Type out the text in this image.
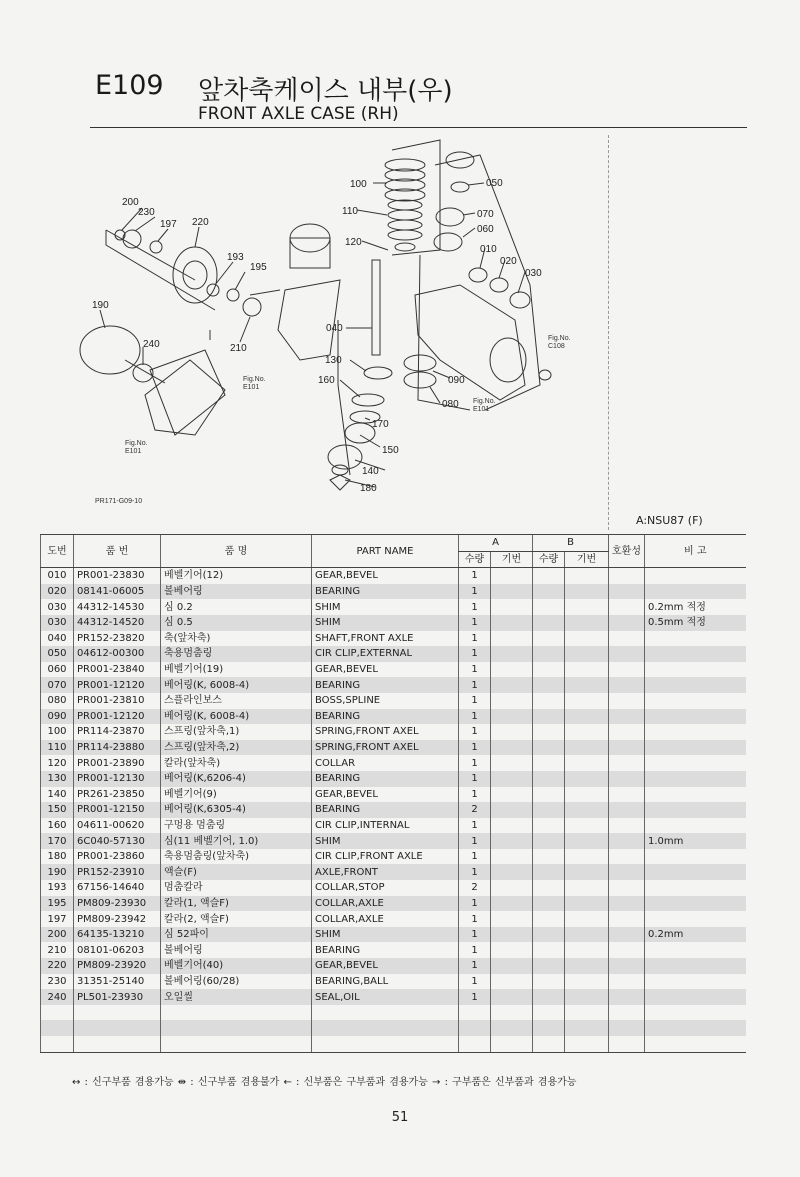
E109 앞차축케이스 내부(우)
FRONT AXLE CASE (RH)
200
230
197 220
193
195
190
240	210
100
110
120
040
130
160
170
150
140
180
050
070
060
010
020
030
090
080
Fig.No. E101
Fig.No. E101
Fig.No. E101
Fig.No. C108
PR171-G09-10
A:NSU87 (F)
도번	품 번	품 명	PART NAME	A		B		호환성	비 고
				수량	기번	수량	기번		
010	PR001-23830	베벨기어(12)	GEAR,BEVEL	1					
020	08141-06005	볼베어링	BEARING	1					
030	44312-14530	심 0.2	SHIM	1					0.2mm 적정
030	44312-14520	심 0.5	SHIM	1					0.5mm 적정
040	PR152-23820	축(앞차축)	SHAFT,FRONT AXLE	1					
050	04612-00300	축용멈춤링	CIR CLIP,EXTERNAL	1					
060	PR001-23840	베벨기어(19)	GEAR,BEVEL	1					
070	PR001-12120	베어링(K, 6008-4)	BEARING	1					
080	PR001-23810	스플라인보스	BOSS,SPLINE	1					
090	PR001-12120	베어링(K, 6008-4)	BEARING	1					
100	PR114-23870	스프링(앞차축,1)	SPRING,FRONT AXEL	1					
110	PR114-23880	스프링(앞차축,2)	SPRING,FRONT AXEL	1					
120	PR001-23890	칼라(앞차축)	COLLAR	1					
130	PR001-12130	베어링(K,6206-4)	BEARING	1					
140	PR261-23850	베벨기어(9)	GEAR,BEVEL	1					
150	PR001-12150	베어링(K,6305-4)	BEARING	2					
160	04611-00620	구멍용 멈춤링	CIR CLIP,INTERNAL	1					
170	6C040-57130	심(11 베벨기어, 1.0)	SHIM	1					1.0mm
180	PR001-23860	축용멈춤링(앞차축)	CIR CLIP,FRONT AXLE	1					
190	PR152-23910	액슬(F)	AXLE,FRONT	1					
193	67156-14640	멈춤칼라	COLLAR,STOP	2					
195	PM809-23930	칼라(1, 액슬F)	COLLAR,AXLE	1					
197	PM809-23942	칼라(2, 액슬F)	COLLAR,AXLE	1					
200	64135-13210	심 52파이	SHIM	1					0.2mm
210	08101-06203	볼베어링	BEARING	1					
220	PM809-23920	베벨기어(40)	GEAR,BEVEL	1					
230	31351-25140	볼베어링(60/28)	BEARING,BALL	1					
240	PL501-23930	오일씰	SEAL,OIL	1					

↔ : 신구부품 겸용가능 ⇹ : 신구부품 겸용불가 ← : 신부품은 구부품과 겸용가능 → : 구부품은 신부품과 겸용가능
51
